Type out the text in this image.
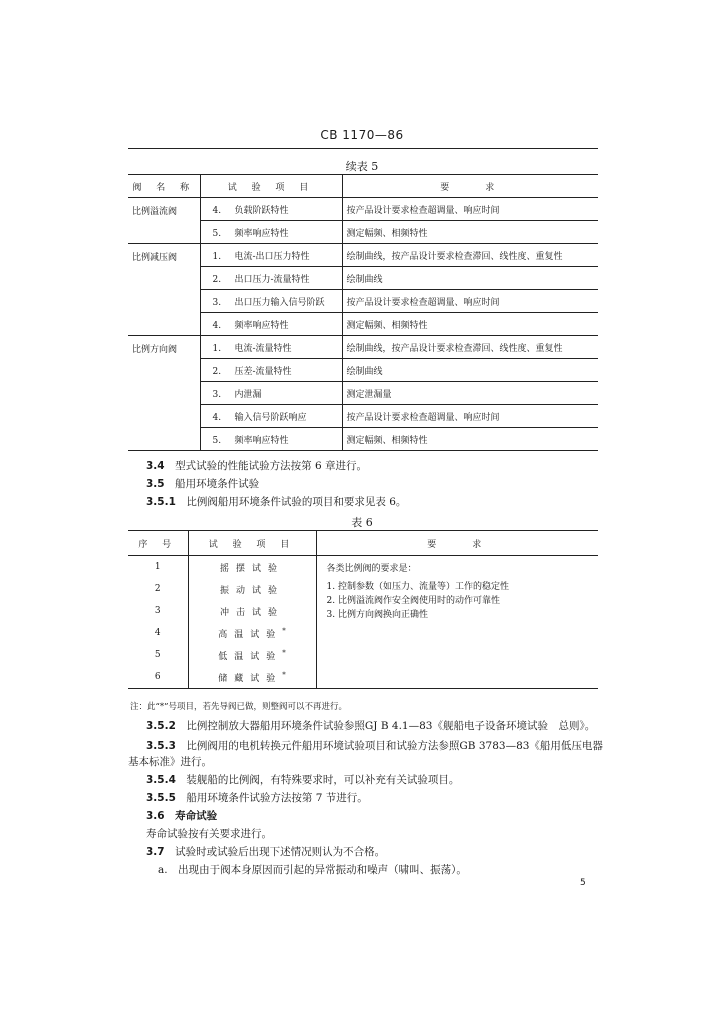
CB 1170—86
续表 5
阀 名 称	试 验 项 目	要　　求
比例溢流阀	4. 负载阶跃特性	按产品设计要求检查超调量、响应时间
	5. 频率响应特性	测定幅频、相频特性
比例减压阀	1. 电流-出口压力特性	绘制曲线，按产品设计要求检查滞回、线性度、重复性
	2. 出口压力-流量特性	绘制曲线
	3. 出口压力输入信号阶跃	按产品设计要求检查超调量、响应时间
	4. 频率响应特性	测定幅频、相频特性
比例方向阀	1. 电流-流量特性	绘制曲线，按产品设计要求检查滞回、线性度、重复性
	2. 压差-流量特性	绘制曲线
	3. 内泄漏	测定泄漏量
	4. 输入信号阶跃响应	按产品设计要求检查超调量、响应时间
	5. 频率响应特性	测定幅频、相频特性
3.4　 型式试验的性能试验方法按第 6 章进行。
3.5　 船用环境条件试验
3.5.1　 比例阀船用环境条件试验的项目和要求见表 6。
表 6
序 号	试 验 项 目	要　　求
1	摇摆试验	各类比例阀的要求是：
1. 控制参数（如压力、流量等）工作的稳定性
2. 比例溢流阀作安全阀使用时的动作可靠性
3. 比例方向阀换向正确性

2	振动试验	
3	冲击试验	
4	高温试验*
5	低温试验*
6	储藏试验*
注：此“*”号项目，若先导阀已做，则整阀可以不再进行。
3.5.2　 比例控制放大器船用环境条件试验参照GJ B 4.1—83《舰船电子设备环境试验　总则》。
3.5.3　 比例阀用的电机转换元件船用环境试验项目和试验方法参照GB 3783—83《船用低压电器
基本标准》进行。
3.5.4　 装舰船的比例阀，有特殊要求时，可以补充有关试验项目。
3.5.5　 船用环境条件试验方法按第 7 节进行。
3.6　 寿命试验
寿命试验按有关要求进行。
3.7　 试验时或试验后出现下述情况则认为不合格。
a.　 出现由于阀本身原因而引起的异常振动和噪声（啸叫、振荡）。
5
